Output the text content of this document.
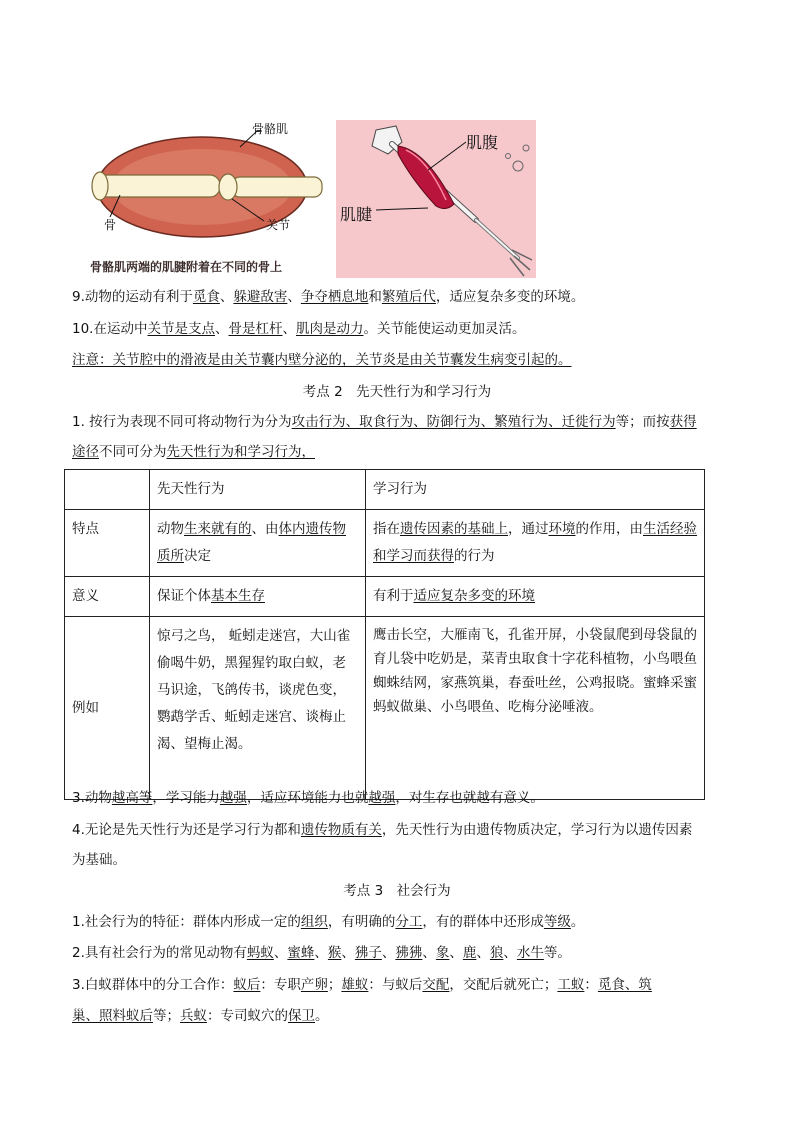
骨骼肌
骨	关节
骨骼肌两端的肌腱附着在不同的骨上
肌腹
肌腱
9.动物的运动有利于觅食、躲避敌害、争夺栖息地和繁殖后代，适应复杂多变的环境。
10.在运动中关节是支点、骨是杠杆、肌肉是动力。关节能使运动更加灵活。
注意：关节腔中的滑液是由关节囊内壁分泌的，关节炎是由关节囊发生病变引起的。
考点 2　先天性行为和学习行为
1. 按行为表现不同可将动物行为分为攻击行为、取食行为、防御行为、繁殖行为、迁徙行为等；而按获得
途径不同可分为先天性行为和学习行为，
	先天性行为	学习行为
特点	动物生来就有的、由体内遗传物质所决定	指在遗传因素的基础上，通过环境的作用，由生活经验和学习而获得的行为
意义	保证个体基本生存	有利于适应复杂多变的环境
例如	惊弓之鸟， 蚯蚓走迷宫，大山雀偷喝牛奶，黑猩猩钓取白蚁，老马识途，飞鸽传书，谈虎色变，鹦鹉学舌、蚯蚓走迷宫、谈梅止渴、望梅止渴。	鹰击长空，大雁南飞，孔雀开屏，小袋鼠爬到母袋鼠的育儿袋中吃奶是，菜青虫取食十字花科植物，小鸟喂鱼蜘蛛结网，家燕筑巢，春蚕吐丝，公鸡报晓。蜜蜂采蜜蚂蚁做巢、小鸟喂鱼、吃梅分泌唾液。
3.动物越高等，学习能力越强，适应环境能力也就越强，对生存也就越有意义。
4.无论是先天性行为还是学习行为都和遗传物质有关，先天性行为由遗传物质决定，学习行为以遗传因素
为基础。
考点 3　社会行为
1.社会行为的特征：群体内形成一定的组织，有明确的分工，有的群体中还形成等级。
2.具有社会行为的常见动物有蚂蚁、蜜蜂、猴、狒子、狒狒、象、鹿、狼、水牛等。
3.白蚁群体中的分工合作：蚁后：专职产卵；雄蚁：与蚁后交配，交配后就死亡；工蚁：觅食、筑
巢、照料蚁后等；兵蚁：专司蚁穴的保卫。
